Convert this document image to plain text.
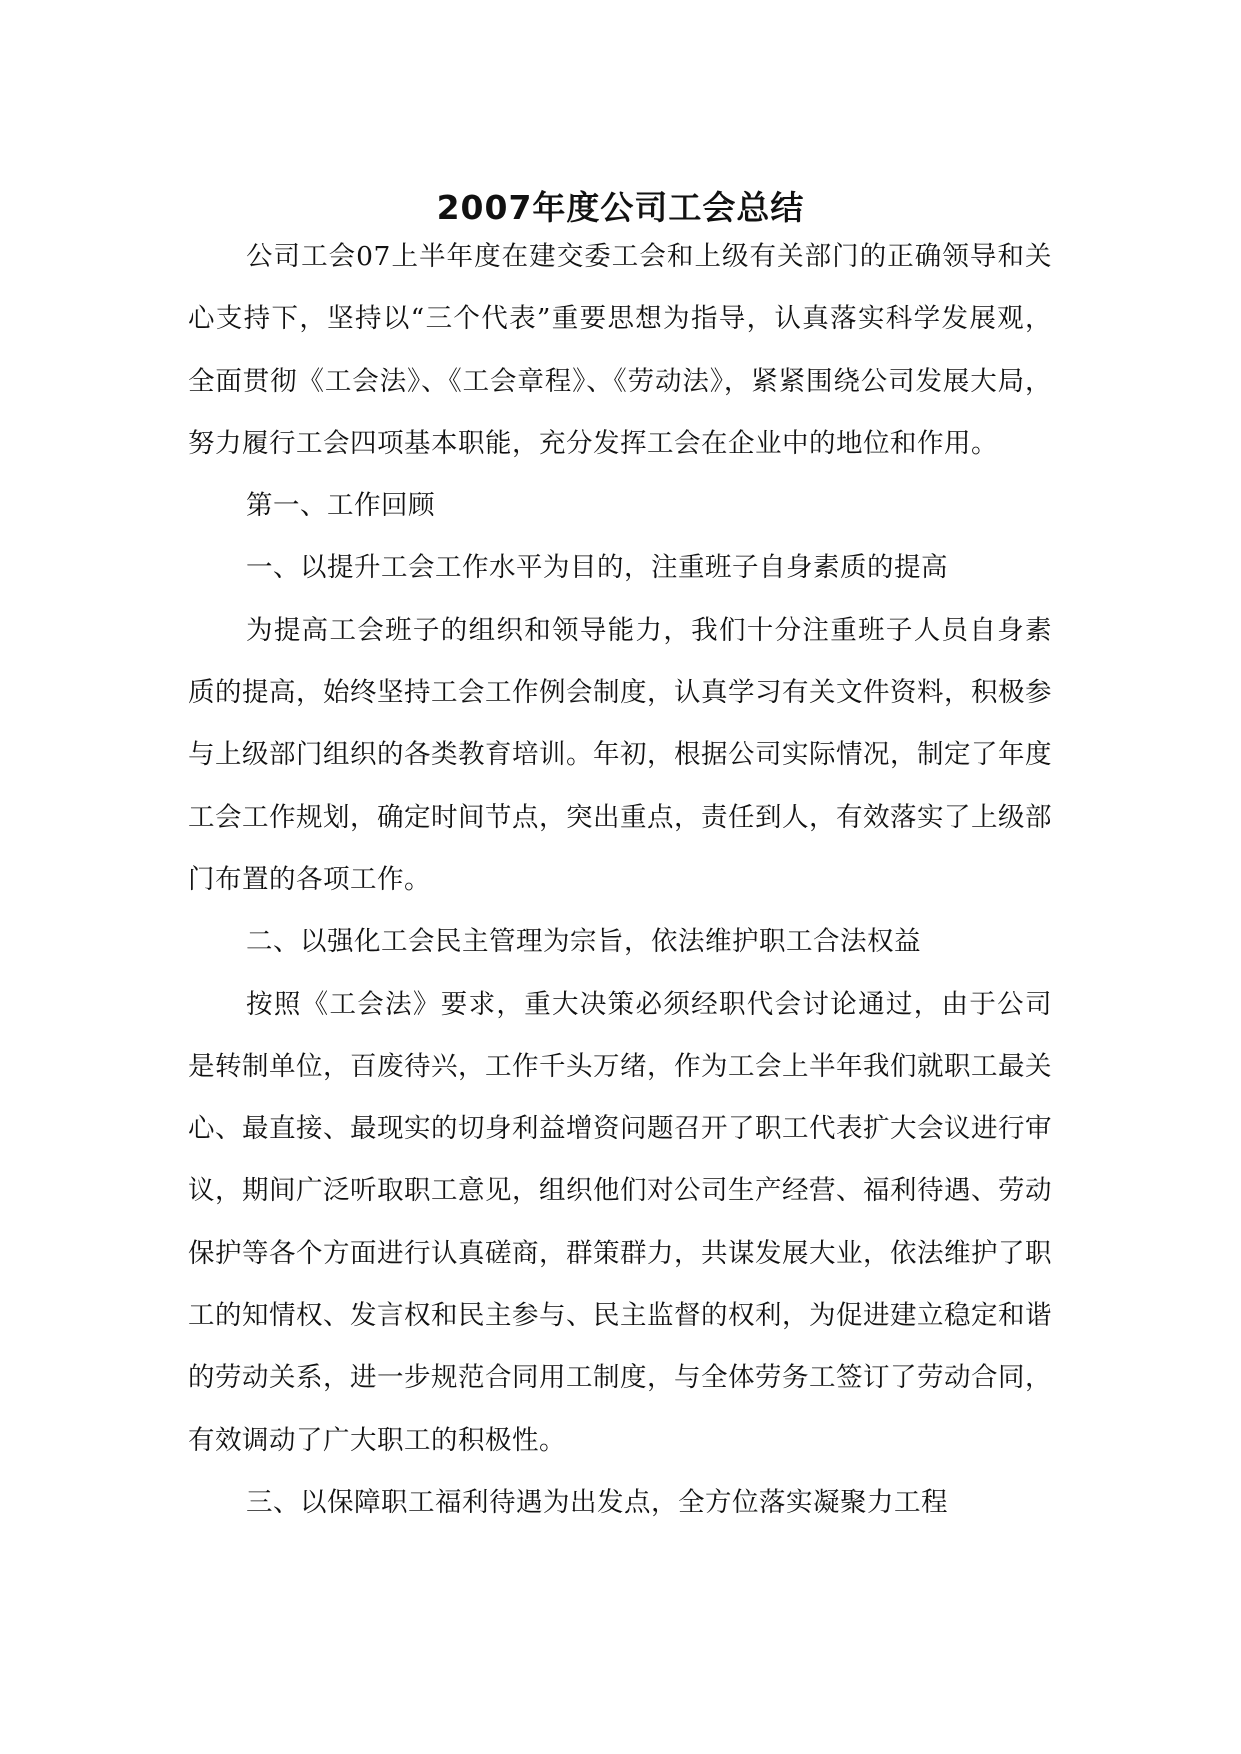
2007年度公司工会总结

公司工会07上半年度在建交委工会和上级有关部门的正确领导和关心支持下，坚持以“三个代表”重要思想为指导，认真落实科学发展观，全面贯彻《工会法》、《工会章程》、《劳动法》，紧紧围绕公司发展大局，努力履行工会四项基本职能，充分发挥工会在企业中的地位和作用。

第一、工作回顾

一、以提升工会工作水平为目的，注重班子自身素质的提高

为提高工会班子的组织和领导能力，我们十分注重班子人员自身素质的提高，始终坚持工会工作例会制度，认真学习有关文件资料，积极参与上级部门组织的各类教育培训。年初，根据公司实际情况，制定了年度工会工作规划，确定时间节点，突出重点，责任到人，有效落实了上级部门布置的各项工作。

二、以强化工会民主管理为宗旨，依法维护职工合法权益

按照《工会法》要求，重大决策必须经职代会讨论通过，由于公司是转制单位，百废待兴，工作千头万绪，作为工会上半年我们就职工最关心、最直接、最现实的切身利益增资问题召开了职工代表扩大会议进行审议，期间广泛听取职工意见，组织他们对公司生产经营、福利待遇、劳动保护等各个方面进行认真磋商，群策群力，共谋发展大业，依法维护了职工的知情权、发言权和民主参与、民主监督的权利，为促进建立稳定和谐的劳动关系，进一步规范合同用工制度，与全体劳务工签订了劳动合同，有效调动了广大职工的积极性。

三、以保障职工福利待遇为出发点，全方位落实凝聚力工程
